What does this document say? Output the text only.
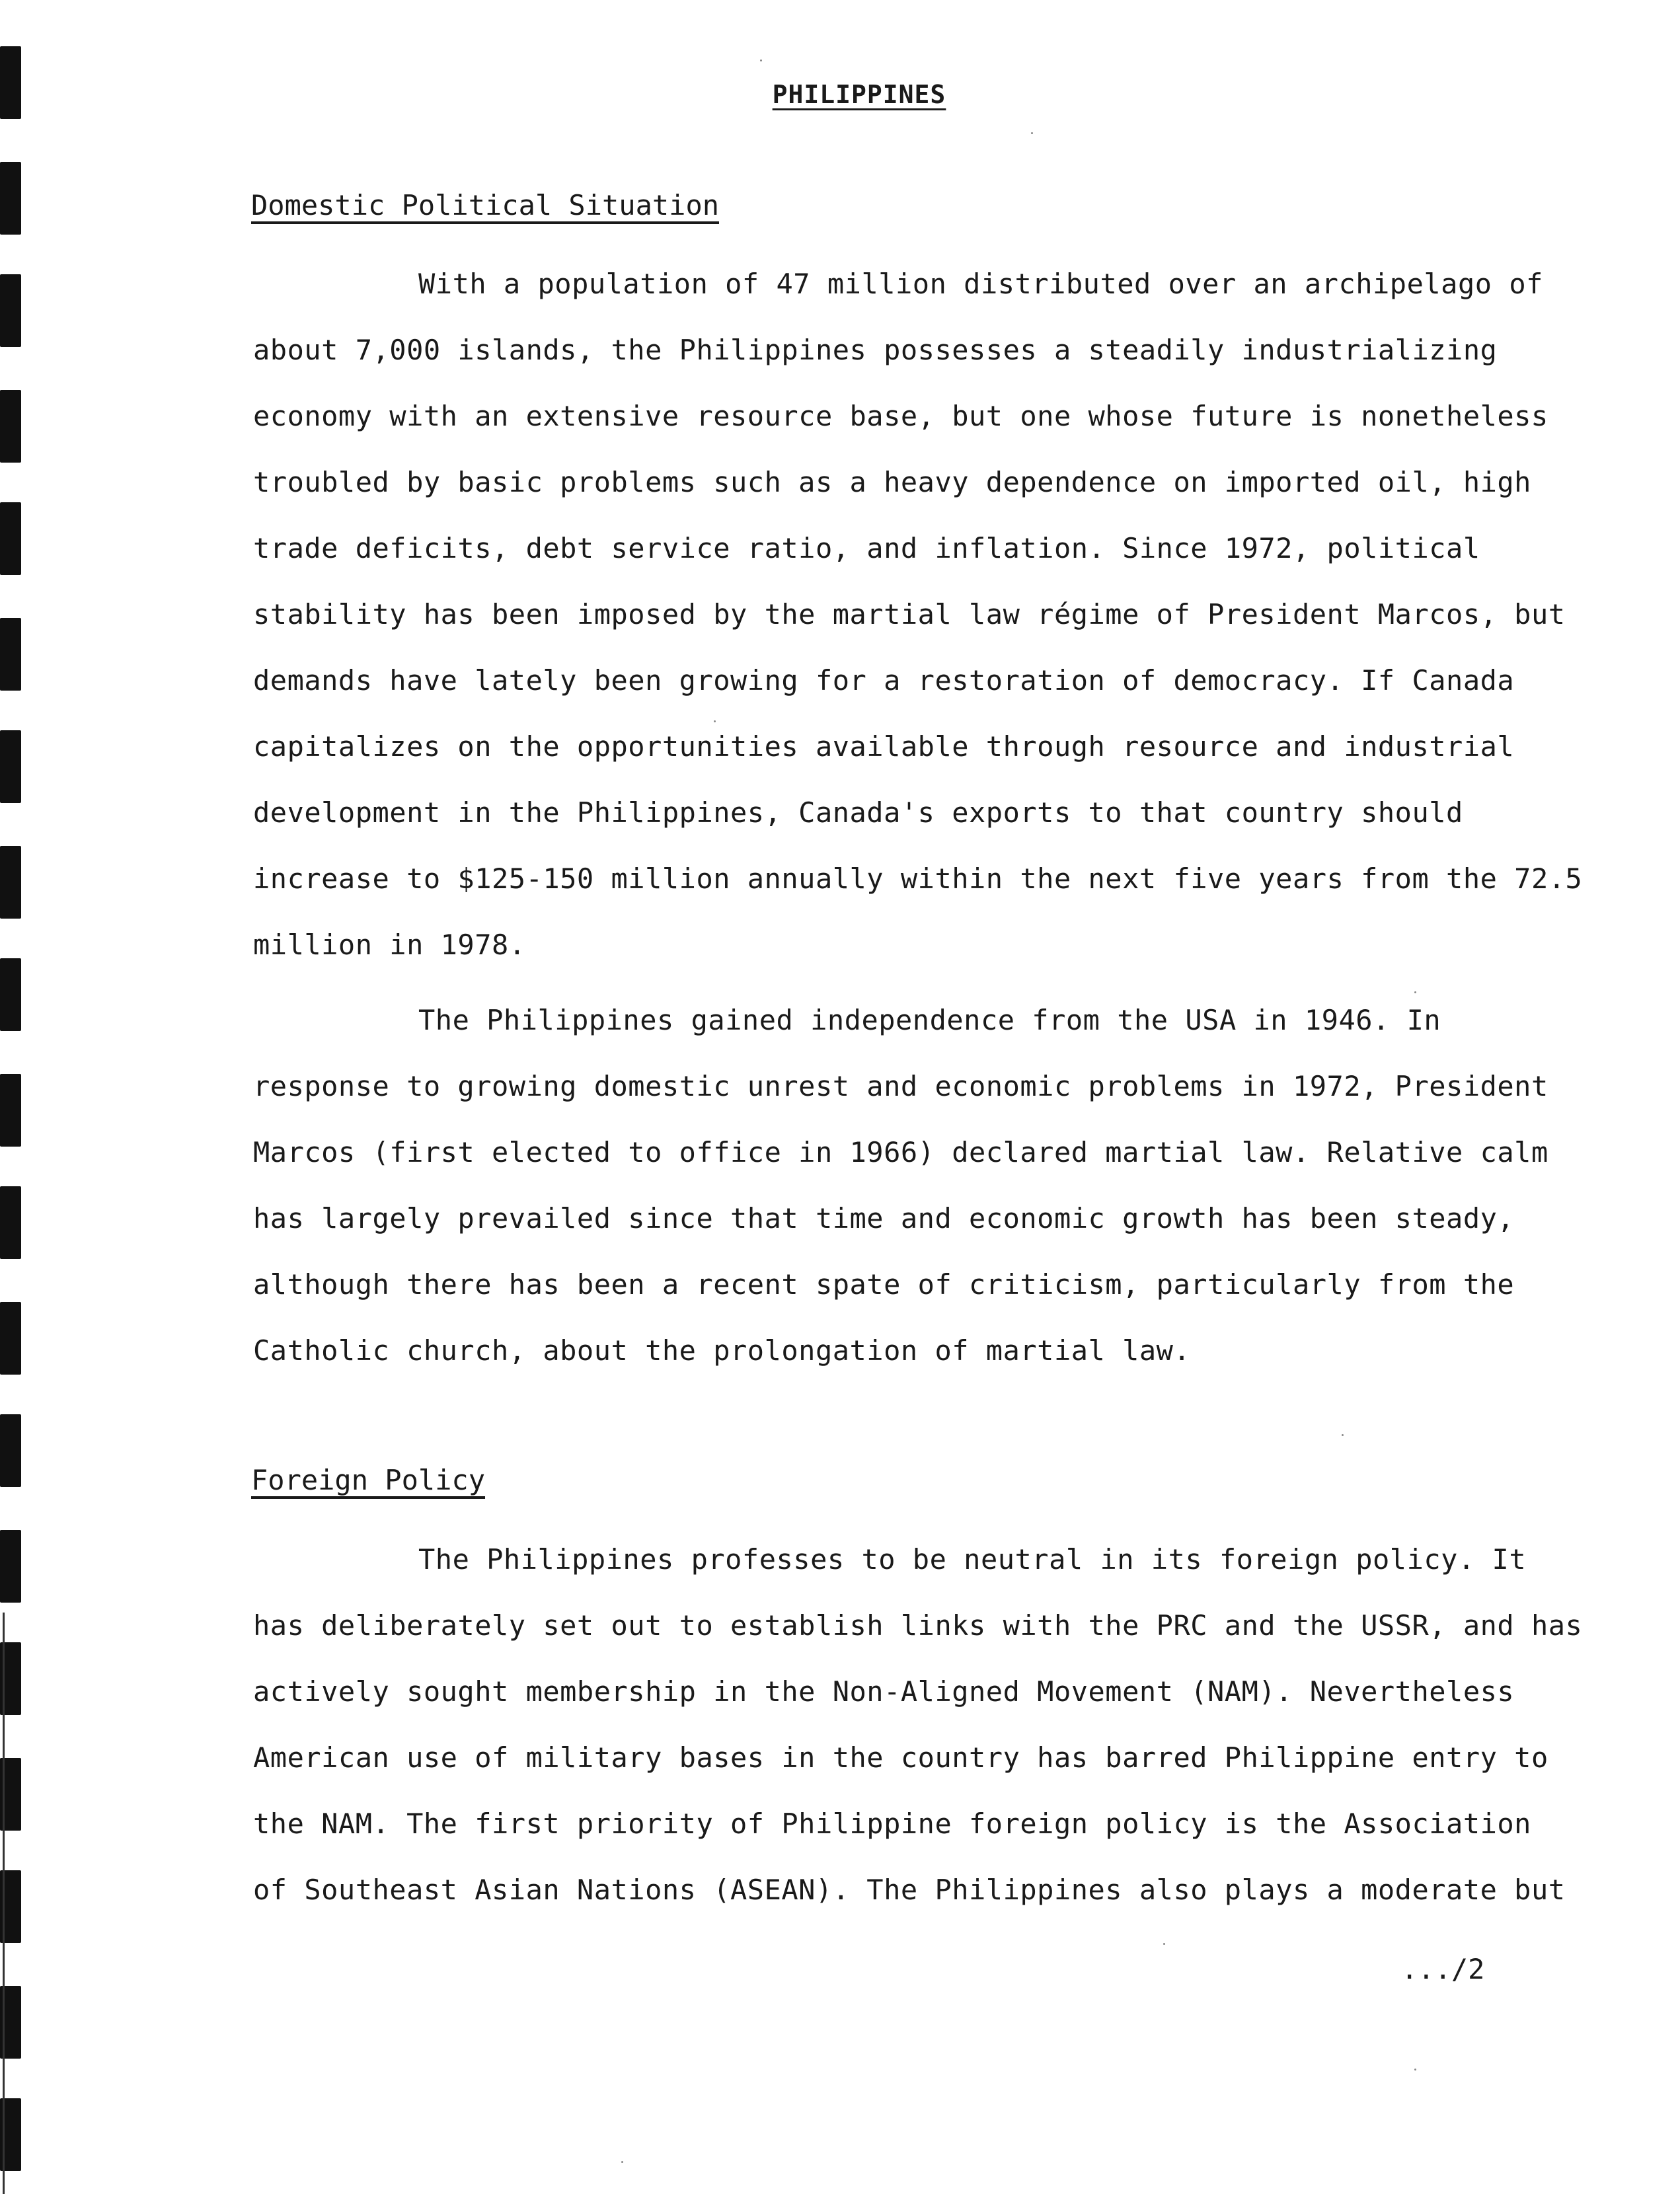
PHILIPPINES
Domestic Political Situation
With a population of 47 million distributed over an archipelago of
about 7,000 islands, the Philippines possesses a steadily industrializing
economy with an extensive resource base, but one whose future is nonetheless
troubled by basic problems such as a heavy dependence on imported oil, high
trade deficits, debt service ratio, and inflation. Since 1972, political
stability has been imposed by the martial law régime of President Marcos, but
demands have lately been growing for a restoration of democracy. If Canada
capitalizes on the opportunities available through resource and industrial
development in the Philippines, Canada's exports to that country should
increase to $125-150 million annually within the next five years from the 72.5
million in 1978.
The Philippines gained independence from the USA in 1946. In
response to growing domestic unrest and economic problems in 1972, President
Marcos (first elected to office in 1966) declared martial law. Relative calm
has largely prevailed since that time and economic growth has been steady,
although there has been a recent spate of criticism, particularly from the
Catholic church, about the prolongation of martial law.
Foreign Policy
The Philippines professes to be neutral in its foreign policy. It
has deliberately set out to establish links with the PRC and the USSR, and has
actively sought membership in the Non-Aligned Movement (NAM). Nevertheless
American use of military bases in the country has barred Philippine entry to
the NAM. The first priority of Philippine foreign policy is the Association
of Southeast Asian Nations (ASEAN). The Philippines also plays a moderate but
.../2
